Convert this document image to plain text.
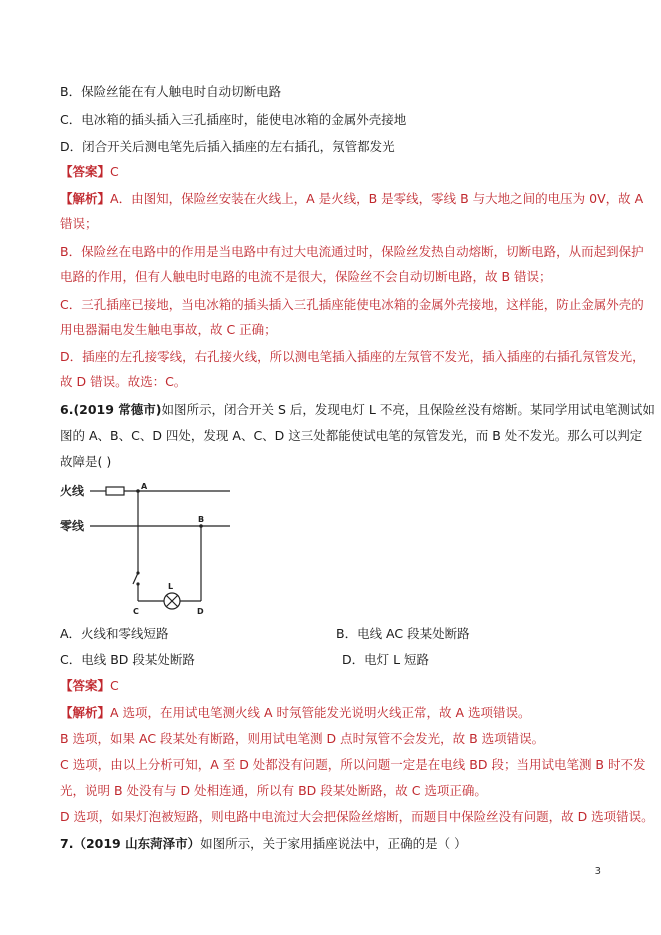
B．保险丝能在有人触电时自动切断电路
C．电冰箱的插头插入三孔插座时，能使电冰箱的金属外壳接地
D．闭合开关后测电笔先后插入插座的左右插孔，氖管都发光
【答案】C
【解析】A．由图知，保险丝安装在火线上，A 是火线，B 是零线，零线 B 与大地之间的电压为 0V，故 A
错误；
B．保险丝在电路中的作用是当电路中有过大电流通过时，保险丝发热自动熔断，切断电路，从而起到保护
电路的作用，但有人触电时电路的电流不是很大，保险丝不会自动切断电路，故 B 错误；
C．三孔插座已接地，当电冰箱的插头插入三孔插座能使电冰箱的金属外壳接地，这样能，防止金属外壳的
用电器漏电发生触电事故，故 C 正确；
D．插座的左孔接零线，右孔接火线，所以测电笔插入插座的左氖管不发光，插入插座的右插孔氖管发光，
故 D 错误。故选：C。
6.(2019 常德市)如图所示，闭合开关 S 后，发现电灯 L 不亮，且保险丝没有熔断。某同学用试电笔测试如
图的 A、B、C、D 四处，发现 A、C、D 这三处都能使试电笔的氖管发光，而 B 处不发光。那么可以判定
故障是( )
火线
零线
A
B
C	D
L
A．火线和零线短路	B．电线 AC 段某处断路
C．电线 BD 段某处断路	D．电灯 L 短路
【答案】C
【解析】A 选项，在用试电笔测火线 A 时氖管能发光说明火线正常，故 A 选项错误。
B 选项，如果 AC 段某处有断路，则用试电笔测 D 点时氖管不会发光，故 B 选项错误。
C 选项，由以上分析可知，A 至 D 处都没有问题，所以问题一定是在电线 BD 段；当用试电笔测 B 时不发
光，说明 B 处没有与 D 处相连通，所以有 BD 段某处断路，故 C 选项正确。
D 选项，如果灯泡被短路，则电路中电流过大会把保险丝熔断，而题目中保险丝没有问题，故 D 选项错误。
7.（2019 山东菏泽市）如图所示，关于家用插座说法中，正确的是（ ）
3
